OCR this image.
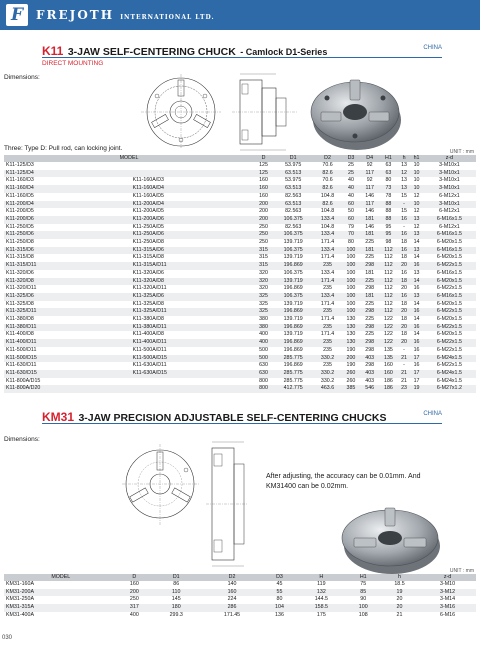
F	FREJOTH INTERNATIONAL LTD.
K11 3-JAW SELF-CENTERING CHUCK - Camlock D1-Series	CHINA
DIRECT MOUNTING
Dimensions:
Three: Type D: Pull rod, can locking joint.	UNIT : mm
MODEL		D	D1	D2	D3	D4	H1	h	h1	z-d
K11-125/D3		125	53.975	70.6	25	92	63	13	10	3-M10x1
K11-125/D4		125	63.513	82.6	25	117	63	12	10	3-M10x1
K11-160/D3	K11-160A/D3	160	53.975	70.6	40	92	80	13	10	3-M10x1
K11-160/D4	K11-160A/D4	160	63.513	82.6	40	117	73	13	10	3-M10x1
K11-160/D5	K11-160A/D5	160	82.563	104.8	40	146	78	15	12	6-M12x1
K11-200/D4	K11-200A/D4	200	63.513	82.6	60	117	88	-	10	3-M10x1
K11-200/D5	K11-200A/D5	200	82.563	104.8	50	146	88	15	12	6-M12x1
K11-200/D6	K11-200A/D6	200	106.375	133.4	60	181	88	16	13	6-M16x1.5
K11-250/D5	K11-250A/D5	250	82.563	104.8	79	146	95	-	12	6-M12x1
K11-250/D6	K11-250A/D6	250	106.375	133.4	70	181	95	16	13	6-M16x1.5
K11-250/D8	K11-250A/D8	250	139.719	171.4	80	225	98	18	14	6-M20x1.5
K11-315/D6	K11-315A/D6	315	106.375	133.4	100	181	112	16	13	6-M16x1.5
K11-315/D8	K11-315A/D8	315	139.719	171.4	100	225	112	18	14	6-M20x1.5
K11-315/D11	K11-315A/D11	315	196.869	235	100	298	112	20	16	6-M22x1.5
K11-320/D6	K11-320A/D6	320	106.375	133.4	100	181	112	16	13	6-M16x1.5
K11-320/D8	K11-320A/D8	320	139.719	171.4	100	225	112	18	14	6-M20x1.5
K11-320/D11	K11-320A/D11	320	196.869	235	100	298	112	20	16	6-M22x1.5
K11-325/D6	K11-325A/D6	325	106.375	133.4	100	181	112	16	13	6-M16x1.5
K11-325/D8	K11-325A/D8	325	139.719	171.4	100	225	112	18	14	6-M20x1.5
K11-325/D11	K11-325A/D11	325	196.869	235	100	298	112	20	16	6-M22x1.5
K11-380/D8	K11-380A/D8	380	139.719	171.4	130	225	122	18	14	6-M20x1.5
K11-380/D11	K11-380A/D11	380	196.869	235	130	298	122	20	16	6-M22x1.5
K11-400/D8	K11-400A/D8	400	139.719	171.4	130	225	122	18	14	6-M20x1.5
K11-400/D11	K11-400A/D11	400	196.869	235	130	298	122	20	16	6-M22x1.5
K11-500/D11	K11-500A/D11	500	196.869	235	190	298	135	-	16	6-M22x1.5
K11-500/D15	K11-500A/D15	500	285.775	330.2	200	403	135	21	17	6-M24x1.5
K11-630/D11	K11-630A/D11	630	196.869	235	190	298	160	-	16	6-M22x1.5
K11-630/D15	K11-630A/D15	630	285.775	330.2	260	403	160	21	17	6-M24x1.5
K11-800A/D15		800	285.775	330.2	260	403	186	21	17	6-M24x1.5
K11-800A/D20		800	412.775	463.6	385	546	186	23	19	6-M27x1.2
KM31 3-JAW PRECISION ADJUSTABLE SELF-CENTERING CHUCKS	CHINA
Dimensions:
After adjusting, the accuracy can be 0.01mm. And KM31400 can be 0.02mm.
UNIT : mm
MODEL	D	D1	D2	D3	H	H1	h	z-d
KM31-160A	160	86	140	45	119	75	18.5	3-M10
KM31-200A	200	110	160	55	132	85	19	3-M12
KM31-250A	250	145	224	80	144.5	90	20	3-M14
KM31-315A	317	180	286	104	158.5	100	20	3-M16
KM31-400A	400	299.3	171.45	136	175	108	21	6-M16
030
